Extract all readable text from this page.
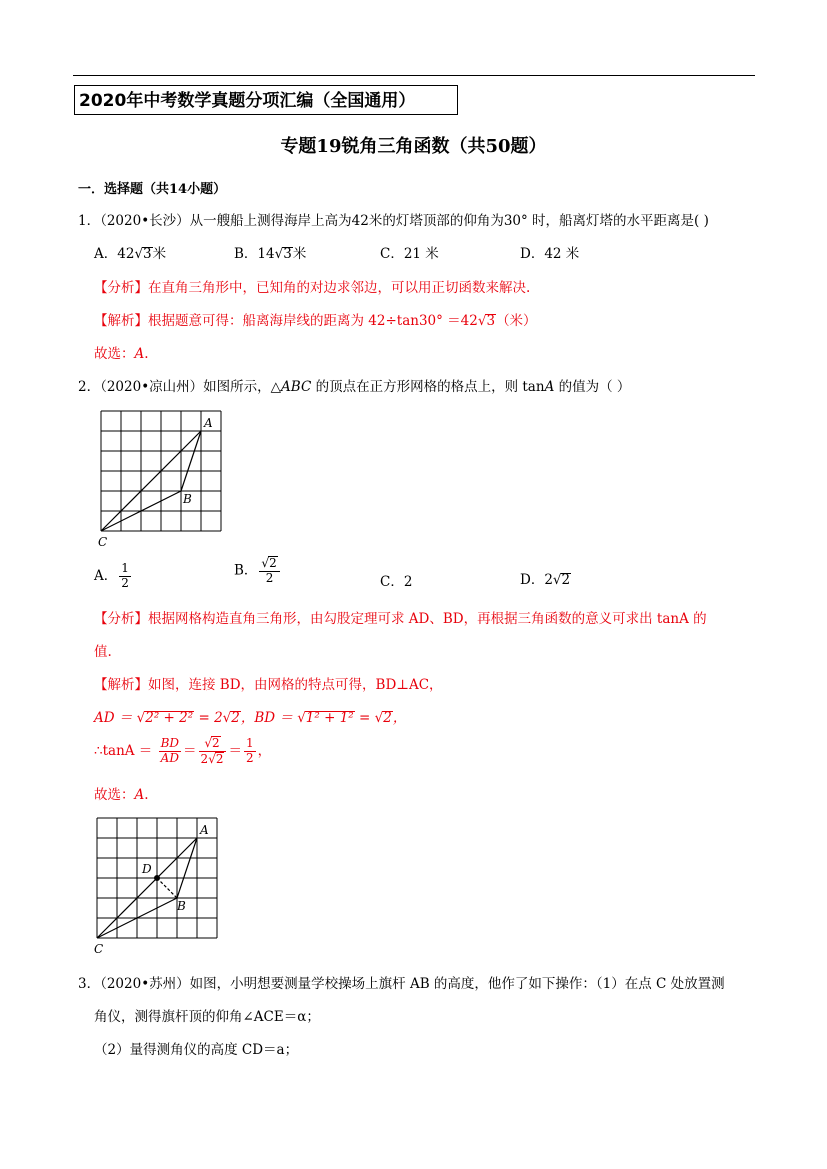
2020年中考数学真题分项汇编（全国通用）
专题19锐角三角函数（共50题）
一．选择题（共14小题）
1．（2020•长沙）从一艘船上测得海岸上高为42米的灯塔顶部的仰角为30° 时，船离灯塔的水平距离是( )
A．42√3米	B．14√3米	C．21 米	D．42 米
【分析】在直角三角形中，已知角的对边求邻边，可以用正切函数来解决.
【解析】根据题意可得：船离海岸线的距离为 42÷tan30° ＝42√3（米）
故选：A.
2．（2020•凉山州）如图所示，△ABC 的顶点在正方形网格的格点上，则 tanA 的值为（ ）
A
B
C
A． $\frac{1}{2}$	B． $\frac{√2}{2}$	C．2	D．2√2
【分析】根据网格构造直角三角形，由勾股定理可求 AD、BD，再根据三角函数的意义可求出 tanA 的
值.
【解析】如图，连接 BD，由网格的特点可得，BD⊥AC，
AD ＝ √2² + 2² = 2√2，BD ＝ √1² + 1² = √2，
∴tanA ＝ $\frac{BD}{AD} = \frac{√2}{2√2} = \frac{1}{2}$ ，
故选：A.
A
B
C
D
3．（2020•苏州）如图，小明想要测量学校操场上旗杆 AB 的高度，他作了如下操作：（1）在点 C 处放置测
角仪，测得旗杆顶的仰角∠ACE＝α；
（2）量得测角仪的高度 CD＝a；
